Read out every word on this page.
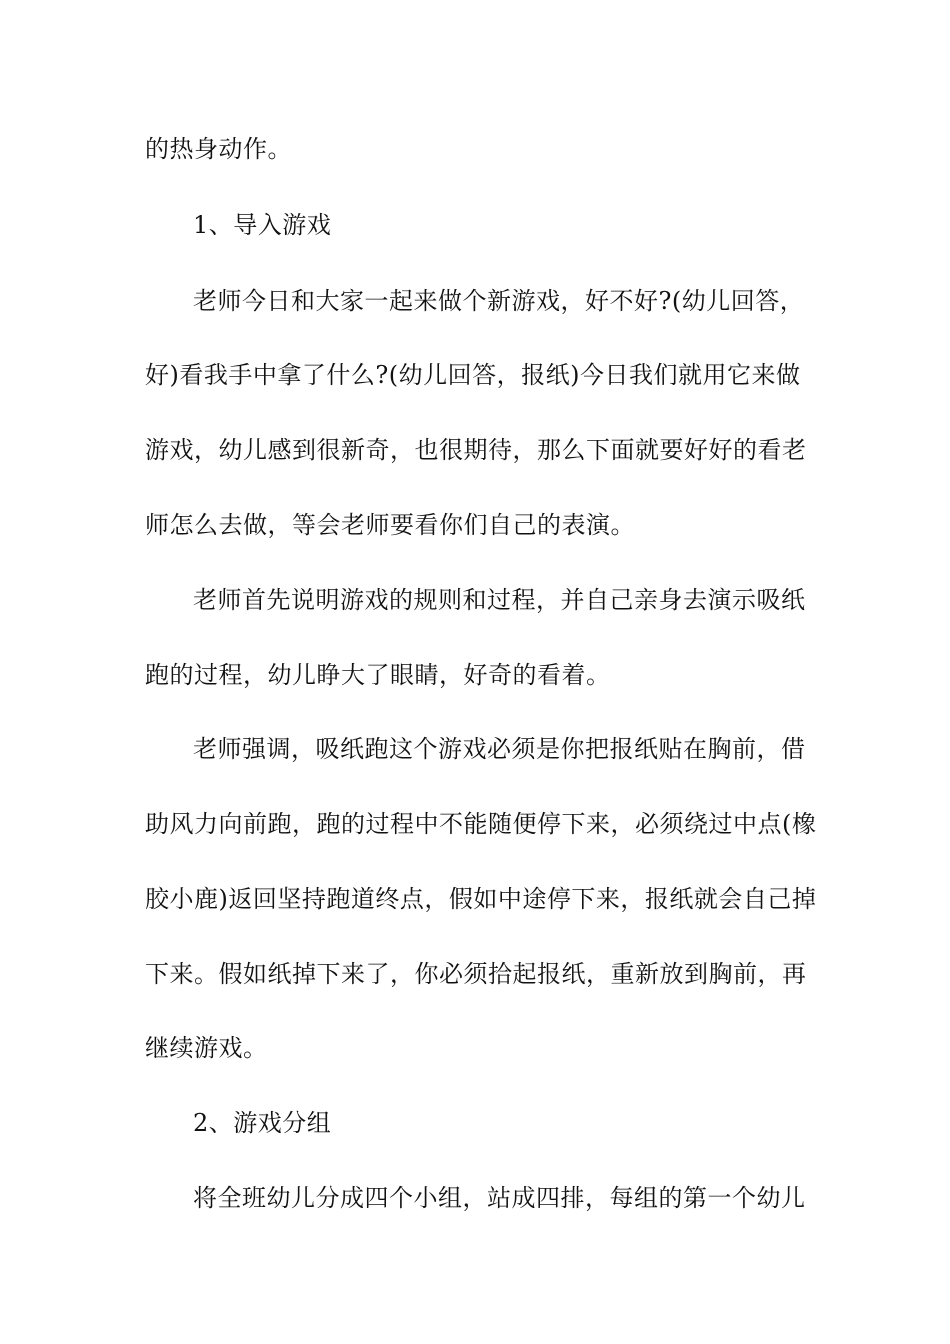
的热身动作。
1、导入游戏
老师今日和大家一起来做个新游戏，好不好?(幼儿回答，
好)看我手中拿了什么?(幼儿回答，报纸)今日我们就用它来做
游戏，幼儿感到很新奇，也很期待，那么下面就要好好的看老
师怎么去做，等会老师要看你们自己的表演。
老师首先说明游戏的规则和过程，并自己亲身去演示吸纸
跑的过程，幼儿睁大了眼睛，好奇的看着。
老师强调，吸纸跑这个游戏必须是你把报纸贴在胸前，借
助风力向前跑，跑的过程中不能随便停下来，必须绕过中点(橡
胶小鹿)返回坚持跑道终点，假如中途停下来，报纸就会自己掉
下来。假如纸掉下来了，你必须拾起报纸，重新放到胸前，再
继续游戏。
2、游戏分组
将全班幼儿分成四个小组，站成四排，每组的第一个幼儿
